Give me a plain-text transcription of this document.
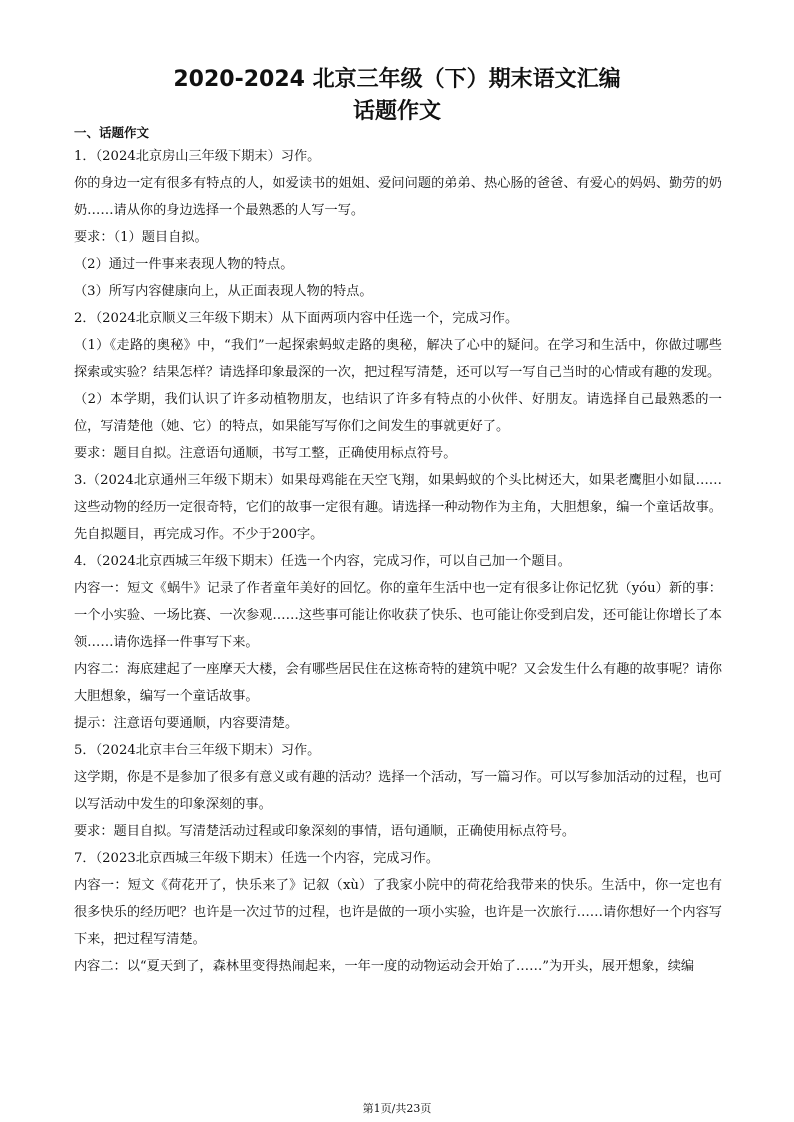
2020-2024 北京三年级（下）期末语文汇编
话题作文

一、话题作文

1．（2024北京房山三年级下期末）习作。

你的身边一定有很多有特点的人，如爱读书的姐姐、爱问问题的弟弟、热心肠的爸爸、有爱心的妈妈、勤劳的奶奶……请从你的身边选择一个最熟悉的人写一写。

要求：（1）题目自拟。

（2）通过一件事来表现人物的特点。

（3）所写内容健康向上，从正面表现人物的特点。

2．（2024北京顺义三年级下期末）从下面两项内容中任选一个，完成习作。

（1）《走路的奥秘》中，“我们”一起探索蚂蚁走路的奥秘，解决了心中的疑问。在学习和生活中，你做过哪些探索或实验？结果怎样？请选择印象最深的一次，把过程写清楚，还可以写一写自己当时的心情或有趣的发现。

（2）本学期，我们认识了许多动植物朋友，也结识了许多有特点的小伙伴、好朋友。请选择自己最熟悉的一位，写清楚他（她、它）的特点，如果能写写你们之间发生的事就更好了。

要求：题目自拟。注意语句通顺，书写工整，正确使用标点符号。

3.（2024北京通州三年级下期末）如果母鸡能在天空飞翔，如果蚂蚁的个头比树还大，如果老鹰胆小如鼠……这些动物的经历一定很奇特，它们的故事一定很有趣。请选择一种动物作为主角，大胆想象，编一个童话故事。先自拟题目，再完成习作。不少于200字。

4．（2024北京西城三年级下期末）任选一个内容，完成习作，可以自己加一个题目。

内容一：短文《蜗牛》记录了作者童年美好的回忆。你的童年生活中也一定有很多让你记忆犹（yóu）新的事：一个小实验、一场比赛、一次参观……这些事可能让你收获了快乐、也可能让你受到启发，还可能让你增长了本领……请你选择一件事写下来。

内容二：海底建起了一座摩天大楼，会有哪些居民住在这栋奇特的建筑中呢？又会发生什么有趣的故事呢？请你大胆想象，编写一个童话故事。

提示：注意语句要通顺，内容要清楚。

5．（2024北京丰台三年级下期末）习作。

这学期，你是不是参加了很多有意义或有趣的活动？选择一个活动，写一篇习作。可以写参加活动的过程，也可以写活动中发生的印象深刻的事。

要求：题目自拟。写清楚活动过程或印象深刻的事情，语句通顺，正确使用标点符号。

7．（2023北京西城三年级下期末）任选一个内容，完成习作。

内容一：短文《荷花开了，快乐来了》记叙（xù）了我家小院中的荷花给我带来的快乐。生活中，你一定也有很多快乐的经历吧？也许是一次过节的过程，也许是做的一项小实验，也许是一次旅行……请你想好一个内容写下来，把过程写清楚。

内容二：以“夏天到了，森林里变得热闹起来，一年一度的动物运动会开始了……”为开头，展开想象，续编

第1页/共23页
